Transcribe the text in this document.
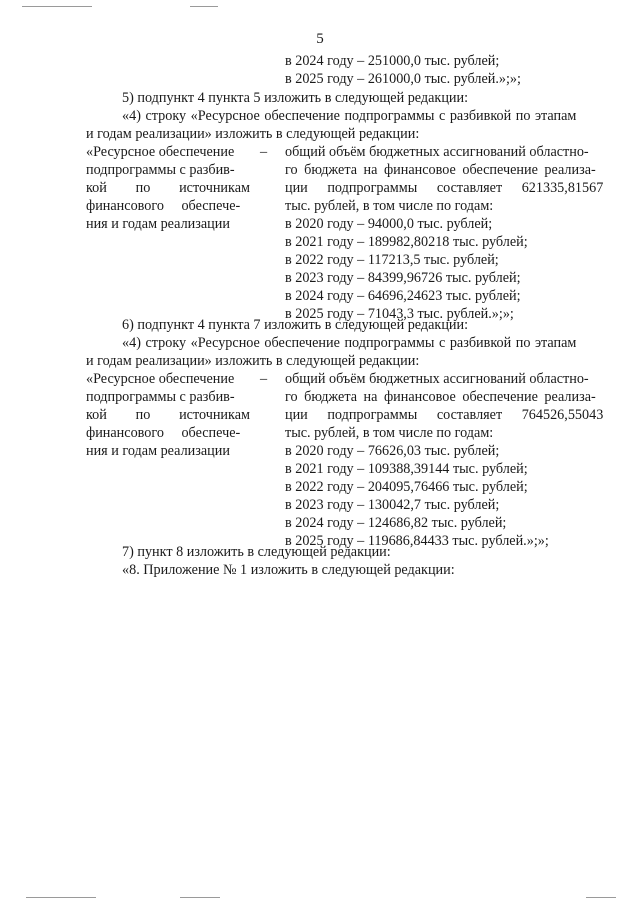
5
в 2024 году – 251000,0 тыс. рублей;
в 2025 году – 261000,0 тыс. рублей.»;»;
5) подпункт 4 пункта 5 изложить в следующей редакции:
«4) строку «Ресурсное обеспечение подпрограммы с разбивкой по этапам
и годам реализации» изложить в следующей редакции:
«Ресурсное обеспечение –
подпрограммы с разбив-
кой по источникам
финансового обеспече-
ния и годам реализации
общий объём бюджетных ассигнований областно-
го бюджета на финансовое обеспечение реализа-
ции подпрограммы составляет 621335,81567
тыс. рублей, в том числе по годам:
в 2020 году – 94000,0 тыс. рублей;
в 2021 году – 189982,80218 тыс. рублей;
в 2022 году – 117213,5 тыс. рублей;
в 2023 году – 84399,96726 тыс. рублей;
в 2024 году – 64696,24623 тыс. рублей;
в 2025 году – 71043,3 тыс. рублей.»;»;
6) подпункт 4 пункта 7 изложить в следующей редакции:
«4) строку «Ресурсное обеспечение подпрограммы с разбивкой по этапам
и годам реализации» изложить в следующей редакции:
«Ресурсное обеспечение –
подпрограммы с разбив-
кой по источникам
финансового обеспече-
ния и годам реализации
общий объём бюджетных ассигнований областно-
го бюджета на финансовое обеспечение реализа-
ции подпрограммы составляет 764526,55043
тыс. рублей, в том числе по годам:
в 2020 году – 76626,03 тыс. рублей;
в 2021 году – 109388,39144 тыс. рублей;
в 2022 году – 204095,76466 тыс. рублей;
в 2023 году – 130042,7 тыс. рублей;
в 2024 году – 124686,82 тыс. рублей;
в 2025 году – 119686,84433 тыс. рублей.»;»;
7) пункт 8 изложить в следующей редакции:
«8. Приложение № 1 изложить в следующей редакции:
